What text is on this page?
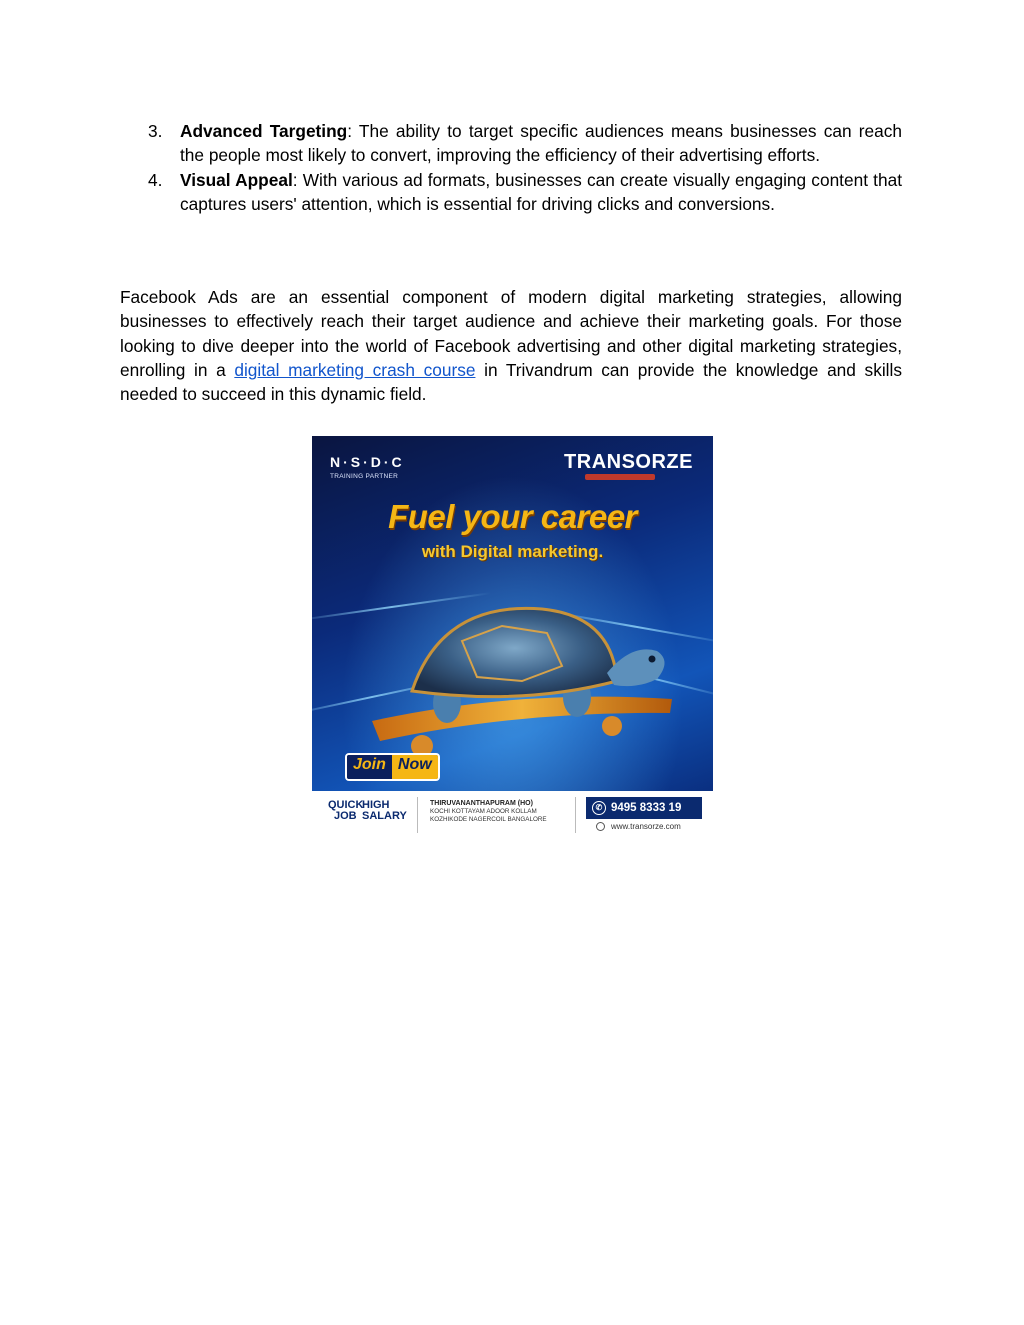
3. Advanced Targeting: The ability to target specific audiences means businesses can reach the people most likely to convert, improving the efficiency of their advertising efforts.
4. Visual Appeal: With various ad formats, businesses can create visually engaging content that captures users' attention, which is essential for driving clicks and conversions.

Facebook Ads are an essential component of modern digital marketing strategies, allowing businesses to effectively reach their target audience and achieve their marketing goals. For those looking to dive deeper into the world of Facebook advertising and other digital marketing strategies, enrolling in a digital marketing crash course in Trivandrum can provide the knowledge and skills needed to succeed in this dynamic field.

N·S·D·C
TRAINING PARTNER
TRANSORZE
Fuel your career
with Digital marketing.
Join Now
QUICK
JOB
HIGH
SALARY
THIRUVANANTHAPURAM (HO)
KOCHI KOTTAYAM ADOOR KOLLAM
KOZHIKODE NAGERCOIL BANGALORE
✆ 9495 8333 19
www.transorze.com
